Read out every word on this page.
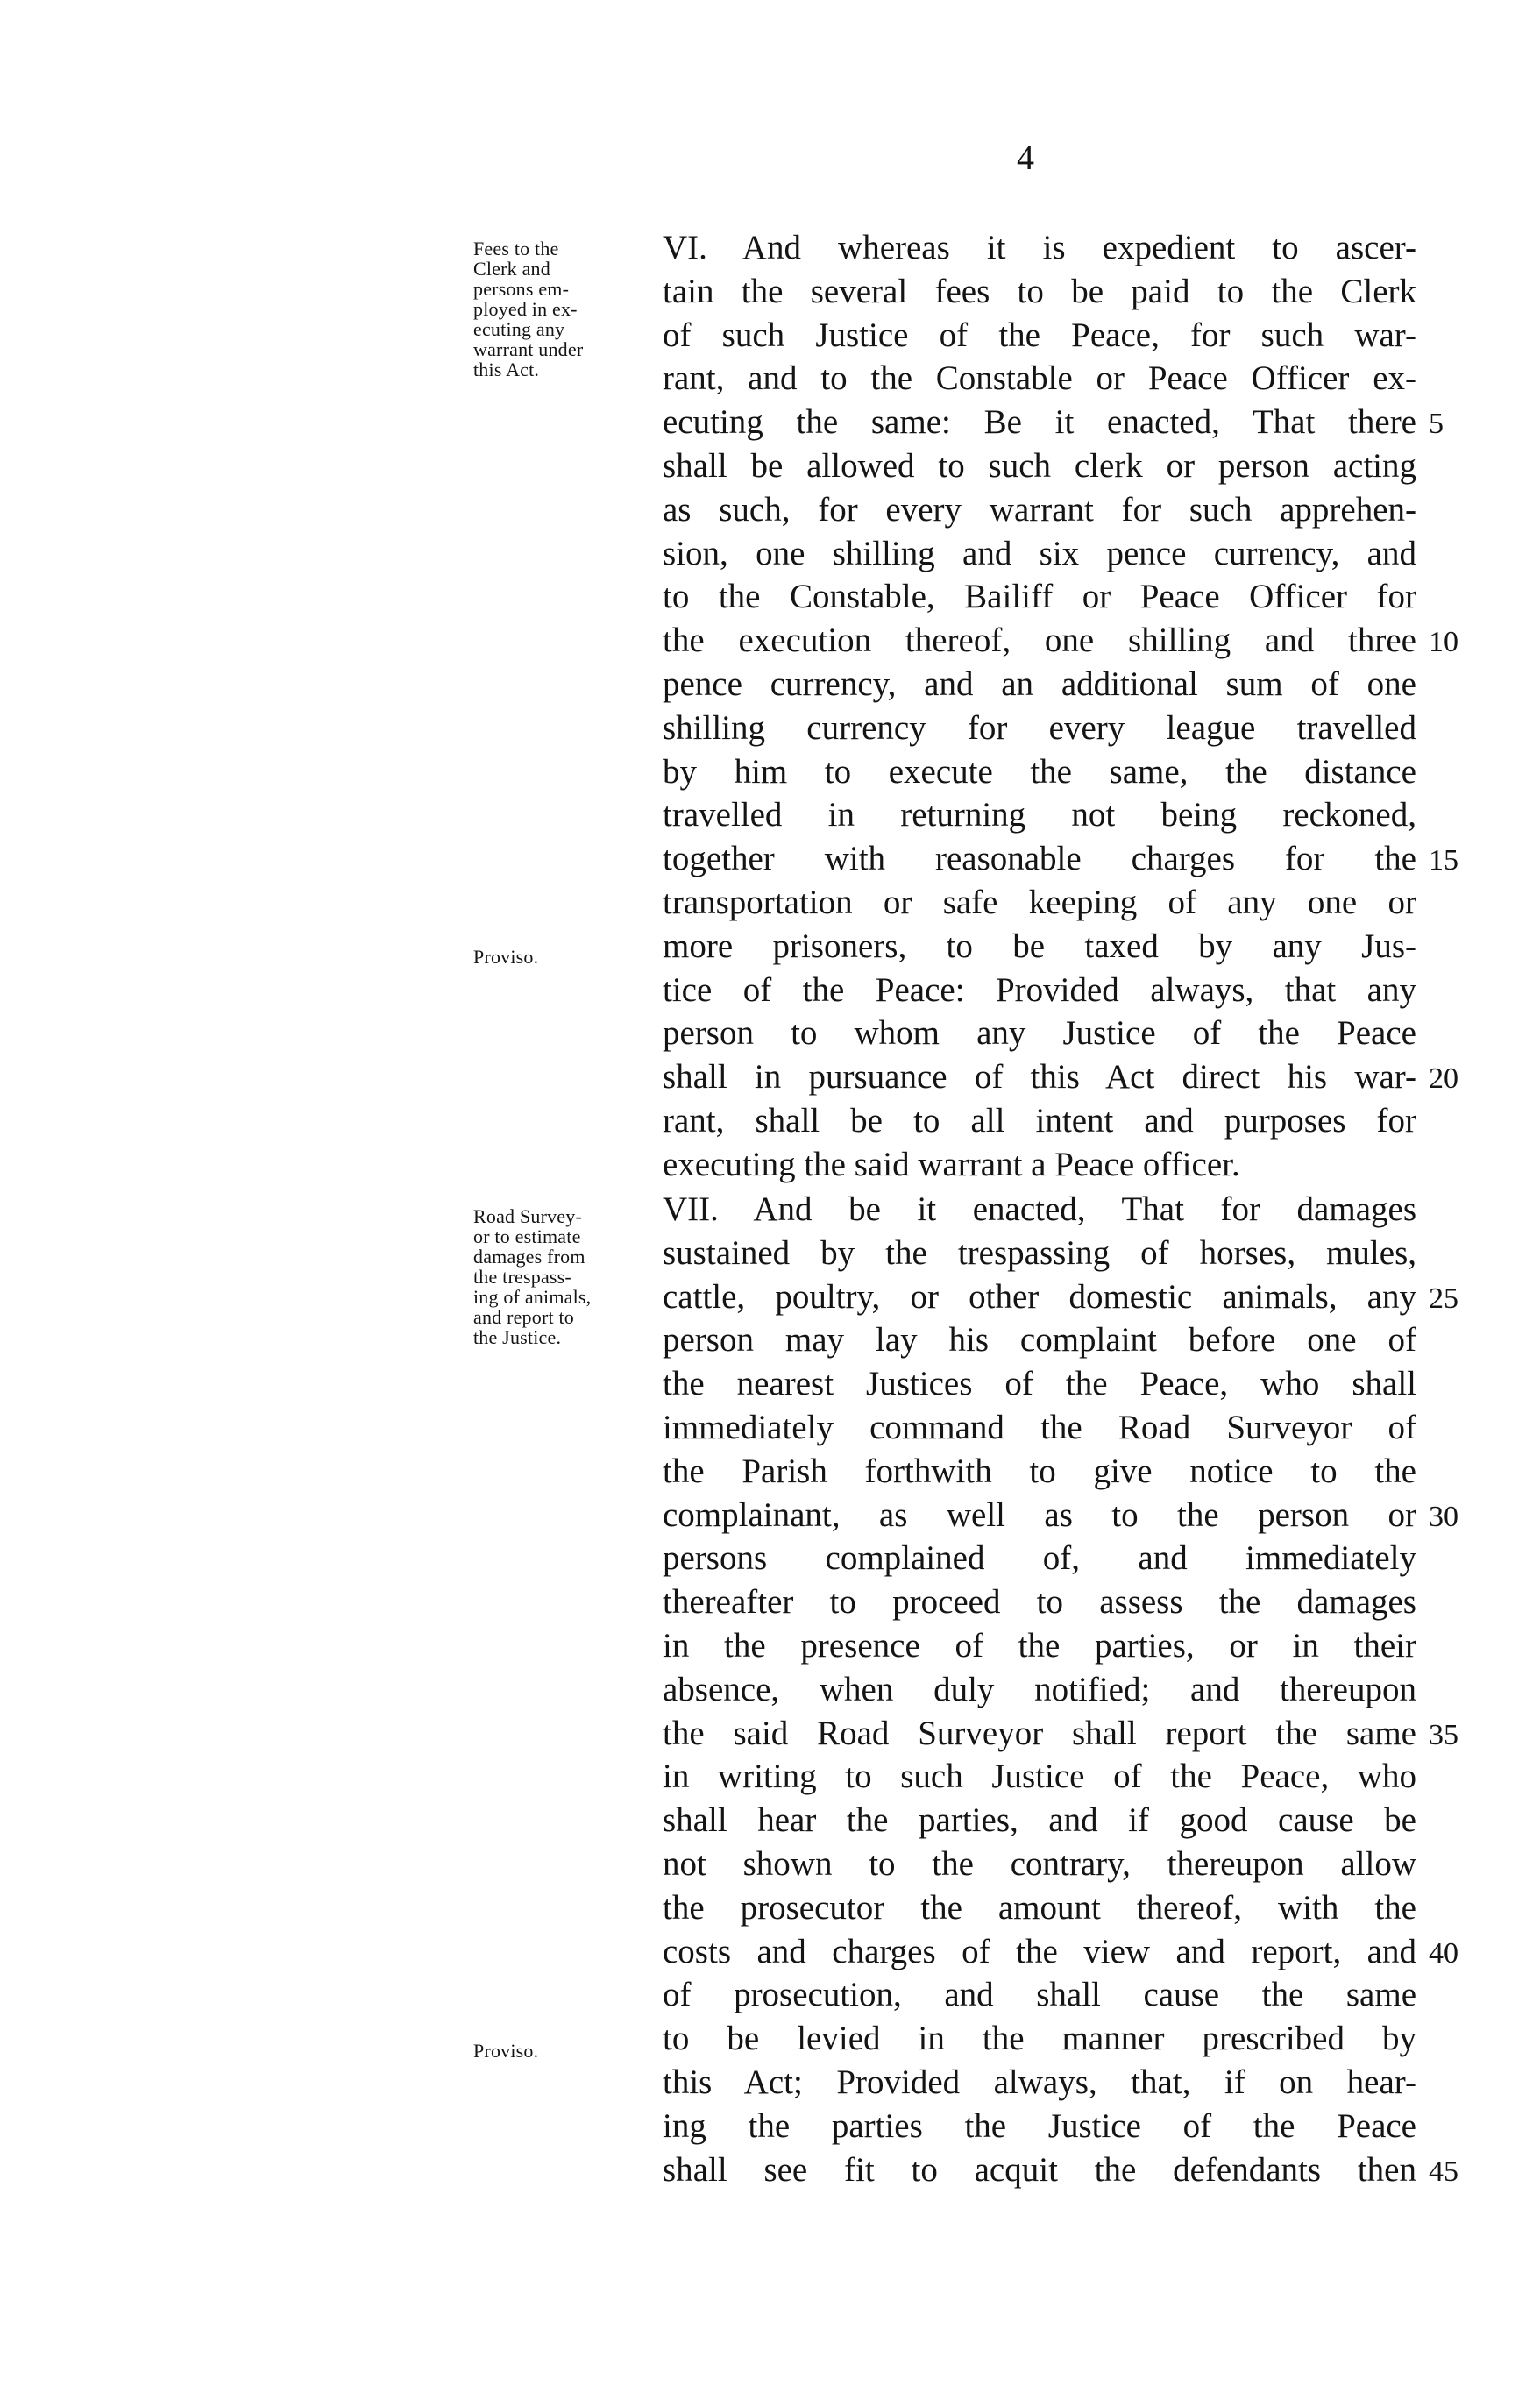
4
Fees to the
Clerk and
persons em-
ployed in ex-
ecuting any
warrant under
this Act.
Proviso.
VI. And whereas it is expedient to ascer-
tain the several fees to be paid to the Clerk
of such Justice of the Peace, for such war-
rant, and to the Constable or Peace Officer ex-
ecuting the same: Be it enacted, That there
shall be allowed to such clerk or person acting
as such, for every warrant for such apprehen-
sion, one shilling and six pence currency, and
to the Constable, Bailiff or Peace Officer for
the execution thereof, one shilling and three
pence currency, and an additional sum of one
shilling currency for every league travelled
by him to execute the same, the distance
travelled in returning not being reckoned,
together with reasonable charges for the
transportation or safe keeping of any one or
more prisoners, to be taxed by any Jus-
tice of the Peace: Provided always, that any
person to whom any Justice of the Peace
shall in pursuance of this Act direct his war-
rant, shall be to all intent and purposes for
executing the said warrant a Peace officer.
5
10
15
20
Road Survey-
or to estimate
damages from
the trespass-
ing of animals,
and report to
the Justice.
Proviso.
VII. And be it enacted, That for damages
sustained by the trespassing of horses, mules,
cattle, poultry, or other domestic animals, any
person may lay his complaint before one of
the nearest Justices of the Peace, who shall
immediately command the Road Surveyor of
the Parish forthwith to give notice to the
complainant, as well as to the person or
persons complained of, and immediately
thereafter to proceed to assess the damages
in the presence of the parties, or in their
absence, when duly notified; and thereupon
the said Road Surveyor shall report the same
in writing to such Justice of the Peace, who
shall hear the parties, and if good cause be
not shown to the contrary, thereupon allow
the prosecutor the amount thereof, with the
costs and charges of the view and report, and
of prosecution, and shall cause the same
to be levied in the manner prescribed by
this Act; Provided always, that, if on hear-
ing the parties the Justice of the Peace
shall see fit to acquit the defendants then
25
30
35
40
45
